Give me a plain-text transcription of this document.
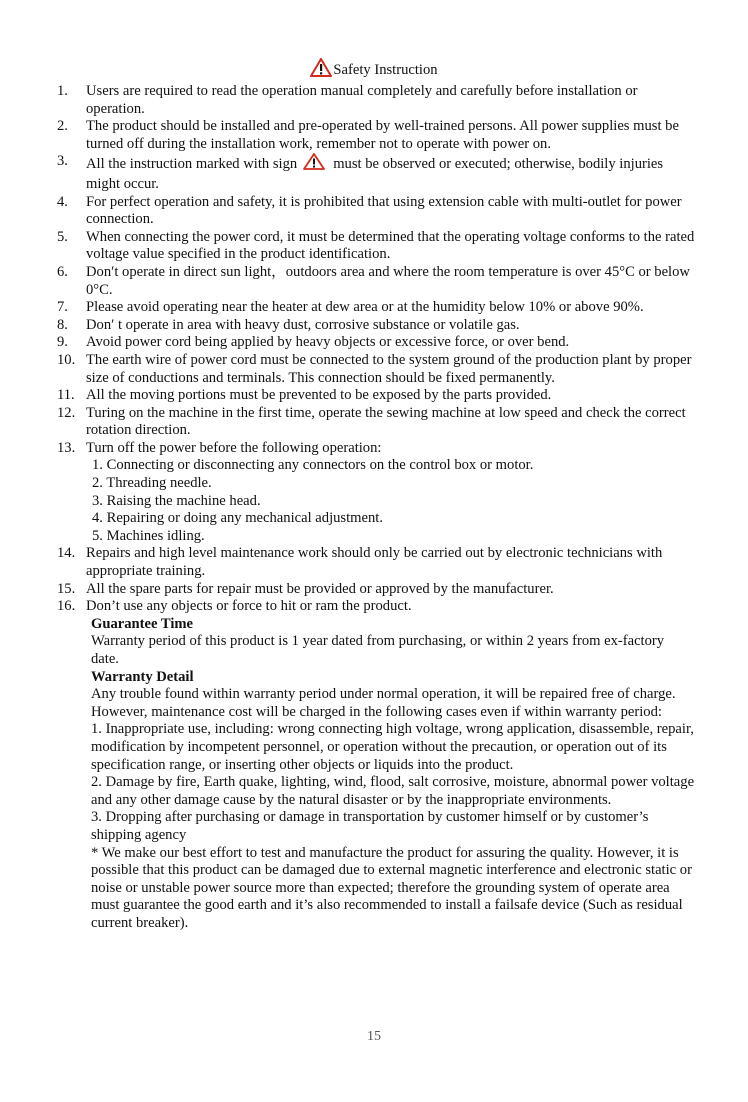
Safety Instruction
1.	Users are required to read the operation manual completely and carefully before installation or operation.
2.	The product should be installed and pre-operated by well-trained persons. All power supplies must be turned off during the installation work, remember not to operate with power on.
3.	All the instruction marked with sign must be observed or executed; otherwise, bodily injuries might occur.
4.	For perfect operation and safety, it is prohibited that using extension cable with multi-outlet for power connection.
5.	When connecting the power cord, it must be determined that the operating voltage conforms to the rated voltage value specified in the product identification.
6.	Don′t operate in direct sun light，outdoors area and where the room temperature is over 45°C or below 0°C.
7.	Please avoid operating near the heater at dew area or at the humidity below 10% or above 90%.
8.	Don′ t operate in area with heavy dust, corrosive substance or volatile gas.
9.	Avoid power cord being applied by heavy objects or excessive force, or over bend.
10. The earth wire of power cord must be connected to the system ground of the production plant by proper size of conductions and terminals. This connection should be fixed permanently.
11. All the moving portions must be prevented to be exposed by the parts provided.
12. Turing on the machine in the first time, operate the sewing machine at low speed and check the correct rotation direction.
13. Turn off the power before the following operation:
1. Connecting or disconnecting any connectors on the control box or motor.
2. Threading needle.
3. Raising the machine head.
4. Repairing or doing any mechanical adjustment.
5. Machines idling.
14. Repairs and high level maintenance work should only be carried out by electronic technicians with appropriate training.
15. All the spare parts for repair must be provided or approved by the manufacturer.
16. Don’t use any objects or force to hit or ram the product.
Guarantee Time
Warranty period of this product is 1 year dated from purchasing, or within 2 years from ex-factory date.
Warranty Detail
Any trouble found within warranty period under normal operation, it will be repaired free of charge. However, maintenance cost will be charged in the following cases even if within warranty period:
1. Inappropriate use, including: wrong connecting high voltage, wrong application, disassemble, repair, modification by incompetent personnel, or operation without the precaution, or operation out of its specification range, or inserting other objects or liquids into the product.
2. Damage by fire, Earth quake, lighting, wind, flood, salt corrosive, moisture, abnormal power voltage and any other damage cause by the natural disaster or by the inappropriate environments.
3. Dropping after purchasing or damage in transportation by customer himself or by customer’s shipping agency
* We make our best effort to test and manufacture the product for assuring the quality. However, it is possible that this product can be damaged due to external magnetic interference and electronic static or noise or unstable power source more than expected; therefore the grounding system of operate area must guarantee the good earth and it’s also recommended to install a failsafe device (Such as residual current breaker).
15
